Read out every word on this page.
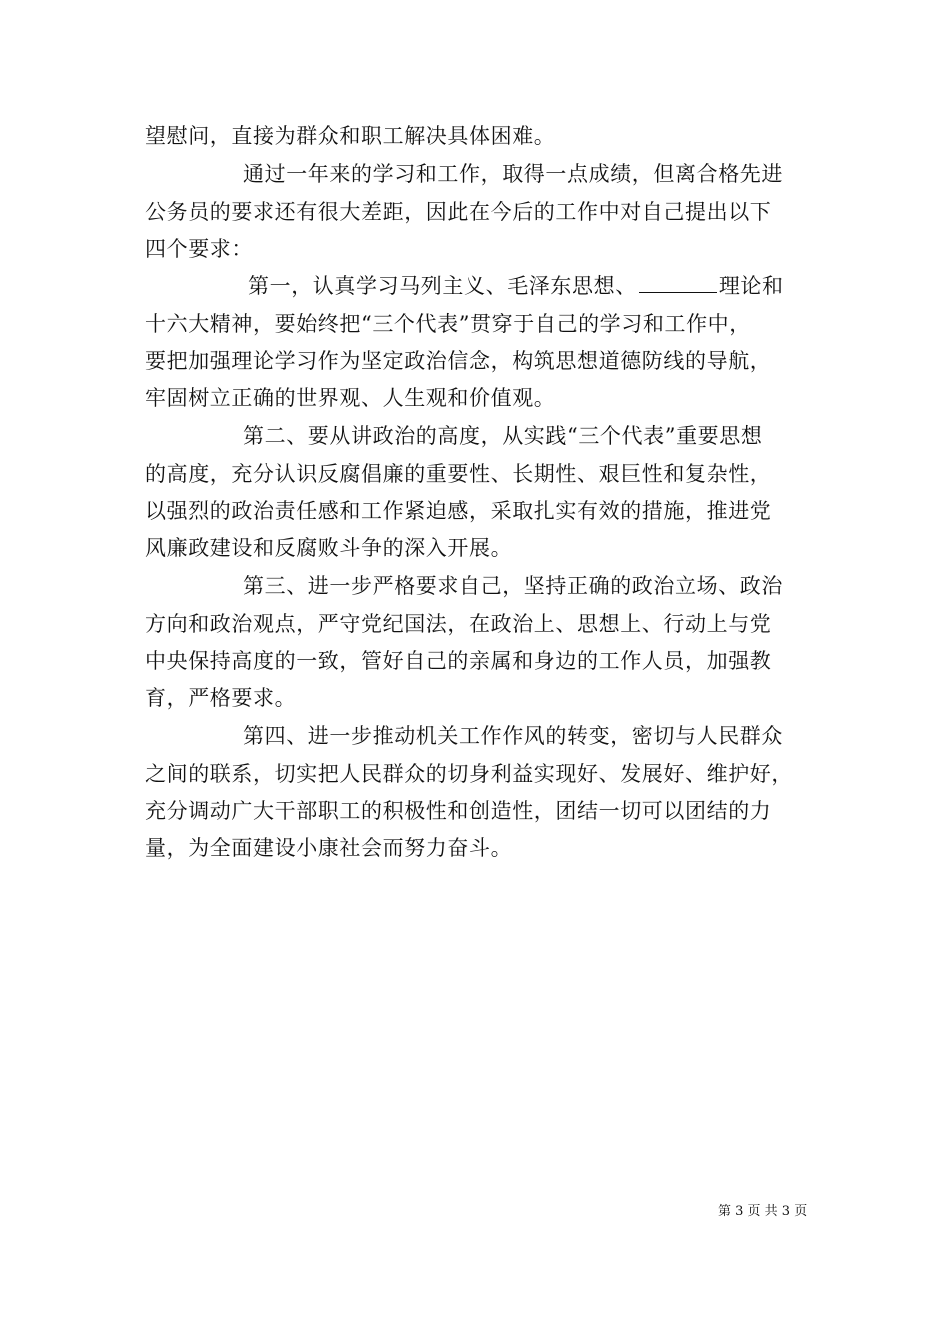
望慰问，直接为群众和职工解决具体困难。
通过一年来的学习和工作，取得一点成绩，但离合格先进
公务员的要求还有很大差距，因此在今后的工作中对自己提出以下
四个要求：
第一，认真学习马列主义、毛泽东思想、	理论和
十六大精神，要始终把“三个代表”贯穿于自己的学习和工作中，
要把加强理论学习作为坚定政治信念，构筑思想道德防线的导航，
牢固树立正确的世界观、人生观和价值观。
第二、要从讲政治的高度，从实践“三个代表”重要思想
的高度，充分认识反腐倡廉的重要性、长期性、艰巨性和复杂性，
以强烈的政治责任感和工作紧迫感，采取扎实有效的措施，推进党
风廉政建设和反腐败斗争的深入开展。
第三、进一步严格要求自己，坚持正确的政治立场、政治
方向和政治观点，严守党纪国法，在政治上、思想上、行动上与党
中央保持高度的一致，管好自己的亲属和身边的工作人员，加强教
育，严格要求。
第四、进一步推动机关工作作风的转变，密切与人民群众
之间的联系，切实把人民群众的切身利益实现好、发展好、维护好，
充分调动广大干部职工的积极性和创造性，团结一切可以团结的力
量，为全面建设小康社会而努力奋斗。
第 3 页 共 3 页
